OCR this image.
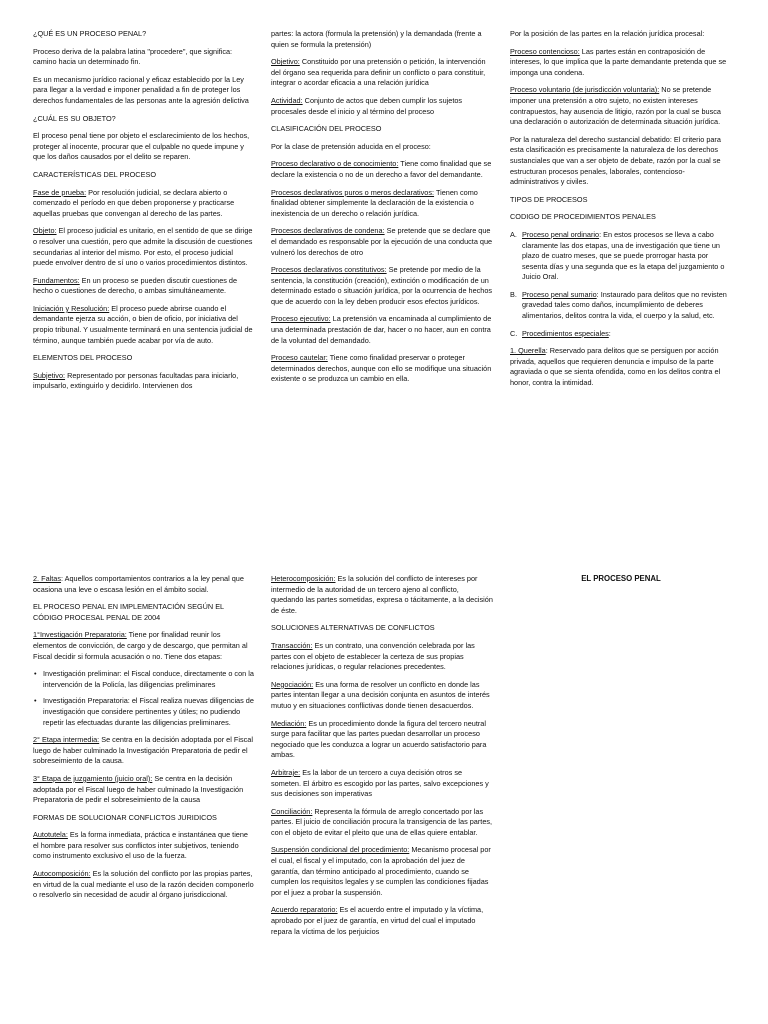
¿QUÉ ES UN PROCESO PENAL?

Proceso deriva de la palabra latina "procedere", que significa: camino hacia un determinado fin.

Es un mecanismo jurídico racional y eficaz establecido por la Ley para llegar a la verdad e imponer penalidad a fin de proteger los derechos fundamentales de las personas ante la agresión delictiva

¿CUÁL ES SU OBJETO?

El proceso penal tiene por objeto el esclarecimiento de los hechos, proteger al inocente, procurar que el culpable no quede impune y que los daños causados por el delito se reparen.

CARACTERÍSTICAS DEL PROCESO

Fase de prueba: Por resolución judicial, se declara abierto o comenzado el período en que deben proponerse y practicarse aquellas pruebas que convengan al derecho de las partes.

Objeto: El proceso judicial es unitario, en el sentido de que se dirige o resolver una cuestión, pero que admite la discusión de cuestiones secundarias al interior del mismo. Por esto, el proceso judicial puede envolver dentro de sí uno o varios procedimientos distintos.

Fundamentos: En un proceso se pueden discutir cuestiones de hecho o cuestiones de derecho, o ambas simultáneamente.

Iniciación y Resolución: El proceso puede abrirse cuando el demandante ejerza su acción, o bien de oficio, por iniciativa del propio tribunal. Y usualmente terminará en una sentencia judicial de término, aunque también puede acabar por vía de auto.

ELEMENTOS DEL PROCESO

Subjetivo: Representado por personas facultadas para iniciarlo, impulsarlo, extinguirlo y decidirlo. Intervienen dos

partes: la actora (formula la pretensión) y la demandada (frente a quien se formula la pretensión)

Objetivo: Constituido por una pretensión o petición, la intervención del órgano sea requerida para definir un conflicto o para constituir, integrar o acordar eficacia a una relación jurídica

Actividad: Conjunto de actos que deben cumplir los sujetos procesales desde el inicio y al término del proceso

CLASIFICACIÓN DEL PROCESO

Por la clase de pretensión aducida en el proceso:

Proceso declarativo o de conocimiento: Tiene como finalidad que se declare la existencia o no de un derecho a favor del demandante.

Procesos declarativos puros o meros declarativos: Tienen como finalidad obtener simplemente la declaración de la existencia o inexistencia de un derecho o relación jurídica.

Procesos declarativos de condena: Se pretende que se declare que el demandado es responsable por la ejecución de una conducta que vulneró los derechos de otro

Procesos declarativos constitutivos: Se pretende por medio de la sentencia, la constitución (creación), extinción o modificación de un determinado estado o situación jurídica, por la ocurrencia de hechos que de acuerdo con la ley deben producir esos efectos jurídicos.

Proceso ejecutivo: La pretensión va encaminada al cumplimiento de una determinada prestación de dar, hacer o no hacer, aun en contra de la voluntad del demandado.

Proceso cautelar: Tiene como finalidad preservar o proteger determinados derechos, aunque con ello se modifique una situación existente o se produzca un cambio en ella.

Por la posición de las partes en la relación jurídica procesal:

Proceso contencioso: Las partes están en contraposición de intereses, lo que implica que la parte demandante pretenda que se imponga una condena.

Proceso voluntario (de jurisdicción voluntaria): No se pretende imponer una pretensión a otro sujeto, no existen intereses contrapuestos, hay ausencia de litigio, razón por la cual se busca una declaración o autorización de determinada situación jurídica.

Por la naturaleza del derecho sustancial debatido: El criterio para esta clasificación es precisamente la naturaleza de los derechos sustanciales que van a ser objeto de debate, razón por la cual se estructuran procesos penales, laborales, contencioso-administrativos y civiles.

TIPOS DE PROCESOS
CODIGO DE PROCEDIMIENTOS PENALES
A. Proceso penal ordinario: En estos procesos se lleva a cabo claramente las dos etapas, una de investigación que tiene un plazo de cuatro meses, que se puede prorrogar hasta por sesenta días y una segunda que es la etapa del juzgamiento o Juicio Oral.
B. Proceso penal sumario: Instaurado para delitos que no revisten gravedad tales como daños, incumplimiento de deberes alimentarios, delitos contra la vida, el cuerpo y la salud, etc.
C. Procedimientos especiales:

1. Querella: Reservado para delitos que se persiguen por acción privada, aquellos que requieren denuncia e impulso de la parte agraviada o que se sienta ofendida, como en los delitos contra el honor, contra la intimidad.

2. Faltas: Aquellos comportamientos contrarios a la ley penal que ocasiona una leve o escasa lesión en el ámbito social.

EL PROCESO PENAL EN IMPLEMENTACIÓN SEGÚN EL CÓDIGO PROCESAL PENAL DE 2004

1°Investigación Preparatoria: Tiene por finalidad reunir los elementos de convicción, de cargo y de descargo, que permitan al Fiscal decidir si formula acusación o no. Tiene dos etapas:

• Investigación preliminar: el Fiscal conduce, directamente o con la intervención de la Policía, las diligencias preliminares
• Investigación Preparatoria: el Fiscal realiza nuevas diligencias de investigación que considere pertinentes y útiles; no pudiendo repetir las efectuadas durante las diligencias preliminares.

2° Etapa intermedia: Se centra en la decisión adoptada por el Fiscal luego de haber culminado la Investigación Preparatoria de pedir el sobreseimiento de la causa.

3° Etapa de juzgamiento (juicio oral): Se centra en la decisión adoptada por el Fiscal luego de haber culminado la Investigación Preparatoria de pedir el sobreseimiento de la causa

FORMAS DE SOLUCIONAR CONFLICTOS JURIDICOS

Autotutela: Es la forma inmediata, práctica e instantánea que tiene el hombre para resolver sus conflictos inter subjetivos, teniendo como instrumento exclusivo el uso de la fuerza.

Autocomposición: Es la solución del conflicto por las propias partes, en virtud de la cual mediante el uso de la razón deciden componerlo o resolverlo sin necesidad de acudir al órgano jurisdiccional.

Heterocomposición: Es la solución del conflicto de intereses por intermedio de la autoridad de un tercero ajeno al conflicto, quedando las partes sometidas, expresa o tácitamente, a la decisión de éste.

SOLUCIONES ALTERNATIVAS DE CONFLICTOS

Transacción: Es un contrato, una convención celebrada por las partes con el objeto de establecer la certeza de sus propias relaciones jurídicas, o regular relaciones precedentes.

Negociación: Es una forma de resolver un conflicto en donde las partes intentan llegar a una decisión conjunta en asuntos de interés mutuo y en situaciones conflictivas donde tienen desacuerdos.

Mediación: Es un procedimiento donde la figura del tercero neutral surge para facilitar que las partes puedan desarrollar un proceso negociado que les conduzca a lograr un acuerdo satisfactorio para ambas.

Arbitraje: Es la labor de un tercero a cuya decisión otros se someten. El árbitro es escogido por las partes, salvo excepciones y sus decisiones son imperativas

Conciliación: Representa la fórmula de arreglo concertado por las partes. El juicio de conciliación procura la transigencia de las partes, con el objeto de evitar el pleito que una de ellas quiere entablar.

Suspensión condicional del procedimiento: Mecanismo procesal por el cual, el fiscal y el imputado, con la aprobación del juez de garantía, dan término anticipado al procedimiento, cuando se cumplen los requisitos legales y se cumplen las condiciones fijadas por el juez a probar la suspensión.

Acuerdo reparatorio: Es el acuerdo entre el imputado y la víctima, aprobado por el juez de garantía, en virtud del cual el imputado repara la víctima de los perjuicios

EL PROCESO PENAL
